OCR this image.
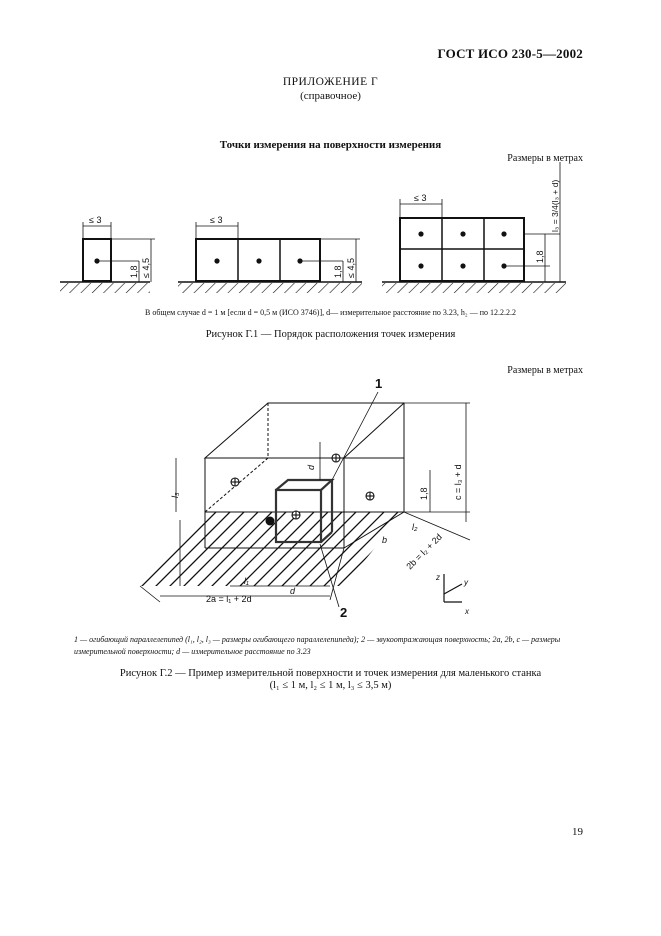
ГОСТ ИСО 230-5—2002
ПРИЛОЖЕНИЕ Г
(справочное)
Точки измерения на поверхности измерения
Размеры в метрах
≤ 3	≤ 3
≤ 3
1,8 ≤ 4,5	1,8 ≤ 4,5
1,8
l₃ = 3/4(l₃ + d)
В общем случае d = 1 м [если d = 0,5 м (ИСО 3746)], d— измерительное расстояние по 3.23, h₂ — по 12.2.2.2
Рисунок Г.1 — Порядок расположения точек измерения
Размеры в метрах
1
2
d	c = l₃ + d
1,8
l₃
l₁
d
2a = l₁ + 2d
2b = l₂ + 2d
b
l₂
x
y
z
1 — огибающий параллелепипед (l₁, l₂, l₃ — размеры огибающего параллелепипеда); 2 — звукоотражающая поверхность; 2a, 2b, c — размеры измерительной поверхности; d — измерительное расстояние по 3.23
Рисунок Г.2 — Пример измерительной поверхности и точек измерения для маленького станка
(l₁ ≤ 1 м, l₂ ≤ 1 м, l₃ ≤ 3,5 м)
19
